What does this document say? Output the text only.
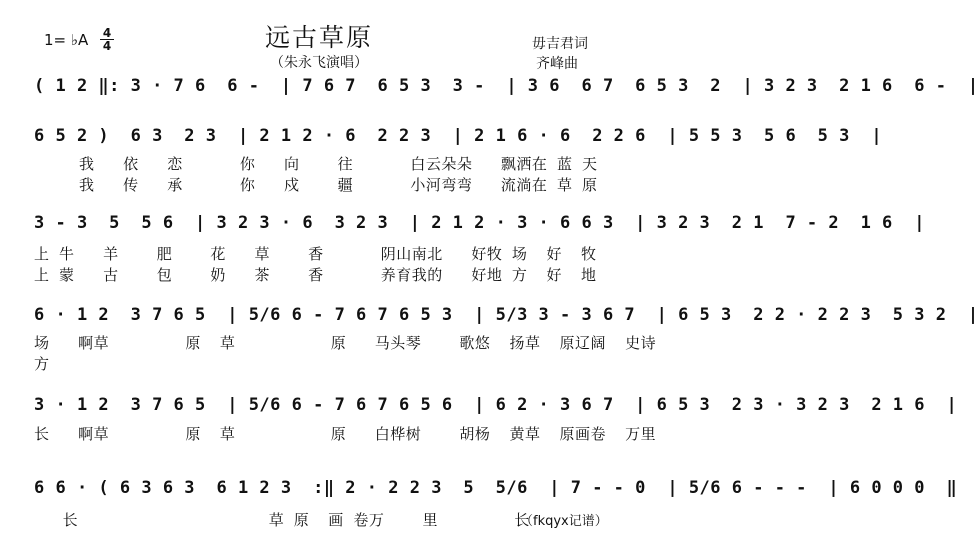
1= ♭A 4
4	远古草原
（朱永飞演唱）
毋吉君词
齐峰曲
( 1 2 ‖: 3 · 7 6  6 -  | 7 6 7  6 5 3  3 -  | 3 6  6 7  6 5 3  2  | 3 2 3  2 1 6  6 -  |
6 5 2 )  6 3  2 3  | 2 1 2 · 6  2 2 3  | 2 1 6 · 6  2 2 6  | 5 5 3  5 6  5 3  |
我   依   恋      你   向    往      白云朵朵   飘洒在 蓝 天
我   传   承      你   戍    疆      小河弯弯   流淌在 草 原
3 - 3  5  5 6  | 3 2 3 · 6  3 2 3  | 2 1 2 · 3 · 6 6 3  | 3 2 3  2 1  7 - 2  1 6  |
上 牛   羊    肥    花   草    香      阴山南北   好牧 场  好  牧
上 蒙   古    包    奶   茶    香      养育我的   好地 方  好  地
6 · 1 2  3 7 6 5  | 5/6 6 - 7 6 7 6 5 3  | 5/3 3 - 3 6 7  | 6 5 3  2 2 · 2 2 3  5 3 2  |
场   啊草        原  草          原   马头琴    歌悠  扬草  原辽阔  史诗
方
3 · 1 2  3 7 6 5  | 5/6 6 - 7 6 7 6 5 6  | 6 2 · 3 6 7  | 6 5 3  2 3 · 3 2 3  2 1 6  |
长   啊草        原  草          原   白桦树    胡杨  黄草  原画卷  万里
6 6 · ( 6 3 6 3  6 1 2 3  :‖ 2 · 2 2 3  5  5/6  | 7 - - 0  | 5/6 6 - - -  | 6 0 0 0  ‖
长                    草 原  画 卷万    里        长
（fkqyx记谱）
